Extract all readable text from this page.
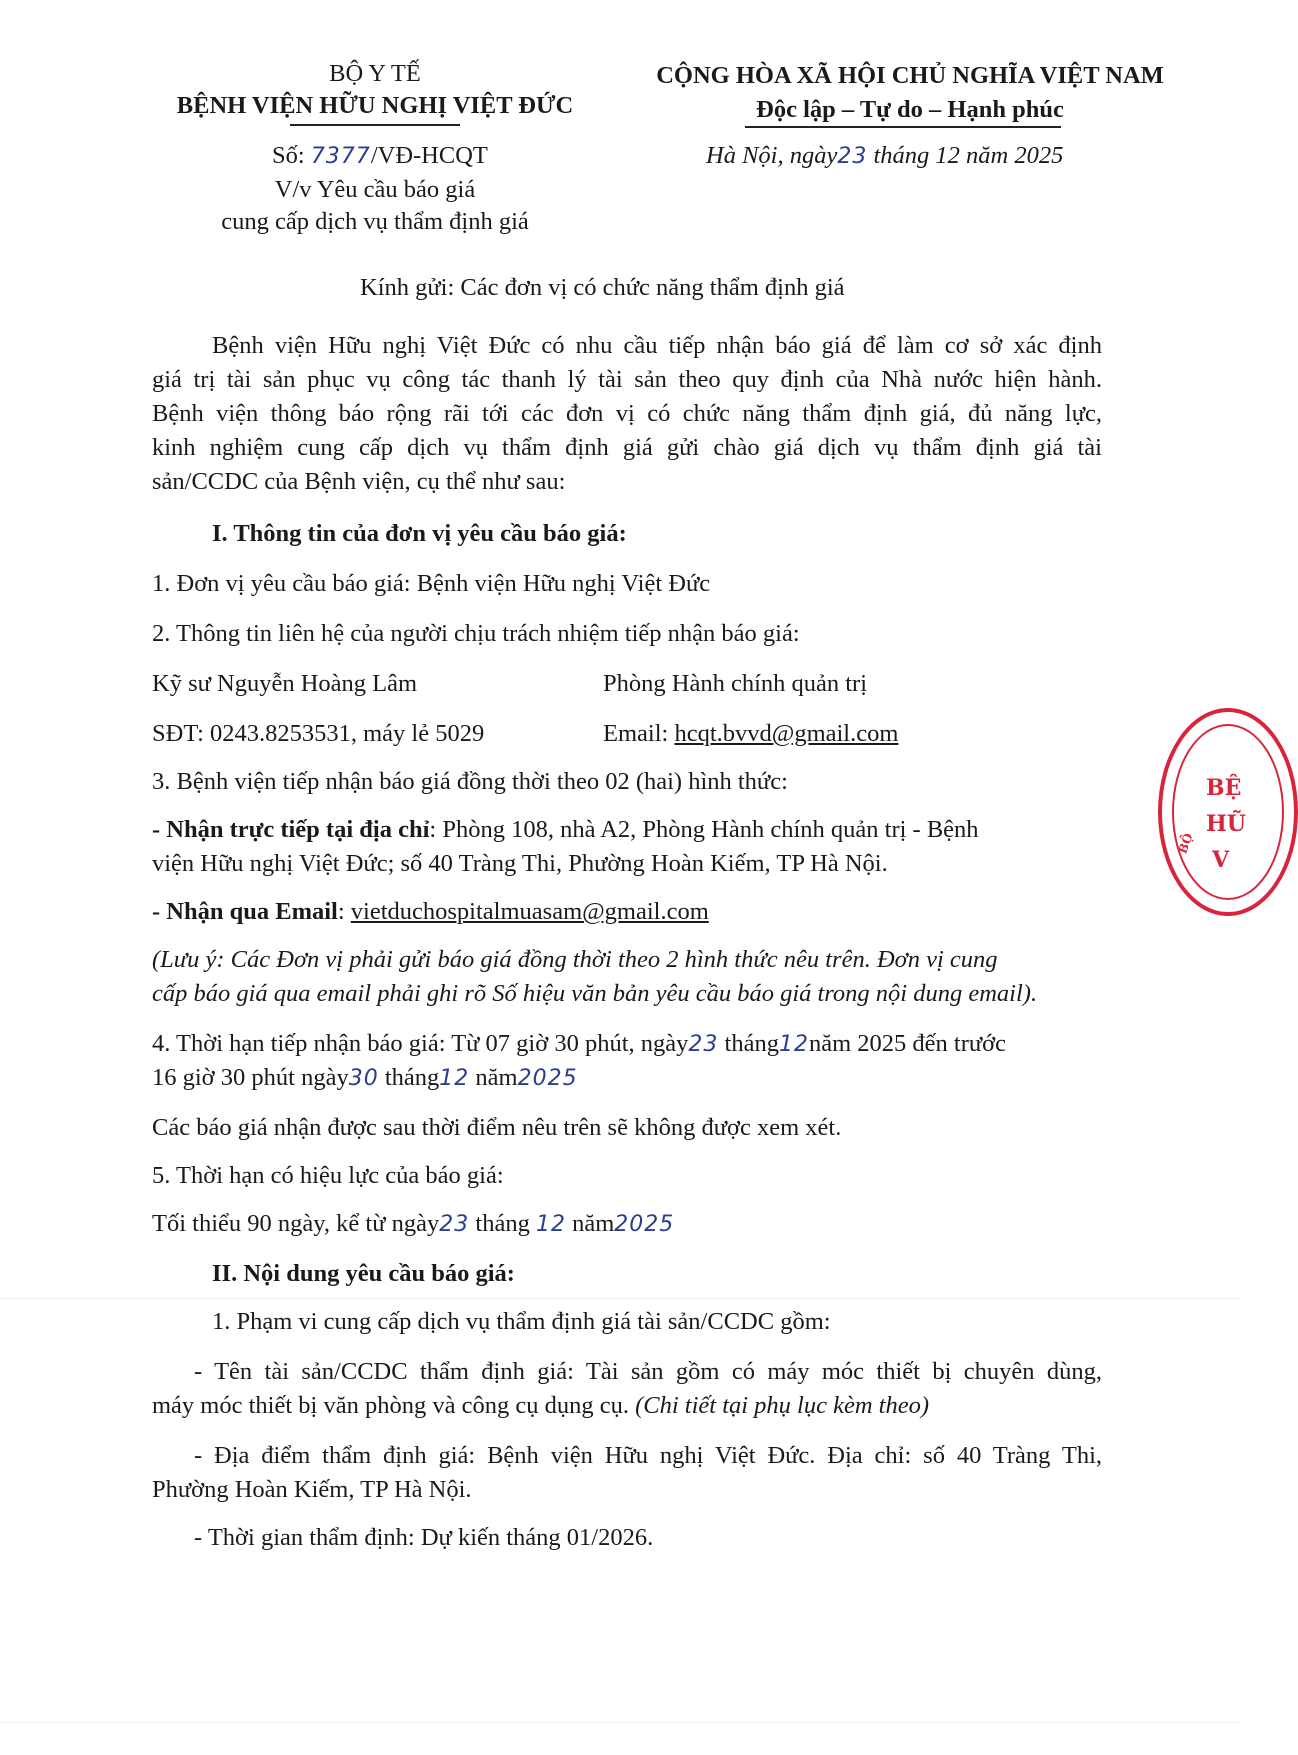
BỘ Y TẾ
BỆNH VIỆN HỮU NGHỊ VIỆT ĐỨC
Số: 7377/VĐ-HCQT
V/v Yêu cầu báo giá
cung cấp dịch vụ thẩm định giá
CỘNG HÒA XÃ HỘI CHỦ NGHĨA VIỆT NAM
Độc lập – Tự do – Hạnh phúc
Hà Nội, ngày23 tháng 12 năm 2025
Kính gửi: Các đơn vị có chức năng thẩm định giá
Bệnh viện Hữu nghị Việt Đức có nhu cầu tiếp nhận báo giá để làm cơ sở xác định
giá trị tài sản phục vụ công tác thanh lý tài sản theo quy định của Nhà nước hiện hành.
Bệnh viện thông báo rộng rãi tới các đơn vị có chức năng thẩm định giá, đủ năng lực,
kinh nghiệm cung cấp dịch vụ thẩm định giá gửi chào giá dịch vụ thẩm định giá tài
sản/CCDC của Bệnh viện, cụ thể như sau:
I. Thông tin của đơn vị yêu cầu báo giá:
1. Đơn vị yêu cầu báo giá: Bệnh viện Hữu nghị Việt Đức
2. Thông tin liên hệ của người chịu trách nhiệm tiếp nhận báo giá:
Kỹ sư Nguyễn Hoàng Lâm	Phòng Hành chính quản trị
SĐT: 0243.8253531, máy lẻ 5029	Email: hcqt.bvvd@gmail.com
3. Bệnh viện tiếp nhận báo giá đồng thời theo 02 (hai) hình thức:
- Nhận trực tiếp tại địa chỉ: Phòng 108, nhà A2, Phòng Hành chính quản trị - Bệnh
viện Hữu nghị Việt Đức; số 40 Tràng Thi, Phường Hoàn Kiếm, TP Hà Nội.
- Nhận qua Email: vietduchospitalmuasam@gmail.com
(Lưu ý: Các Đơn vị phải gửi báo giá đồng thời theo 2 hình thức nêu trên. Đơn vị cung
cấp báo giá qua email phải ghi rõ Số hiệu văn bản yêu cầu báo giá trong nội dung email).
4. Thời hạn tiếp nhận báo giá: Từ 07 giờ 30 phút, ngày23 tháng12năm 2025 đến trước
16 giờ 30 phút ngày30 tháng12 năm2025
Các báo giá nhận được sau thời điểm nêu trên sẽ không được xem xét.
5. Thời hạn có hiệu lực của báo giá:
Tối thiểu 90 ngày, kể từ ngày23 tháng 12 năm2025
II. Nội dung yêu cầu báo giá:
1. Phạm vi cung cấp dịch vụ thẩm định giá tài sản/CCDC gồm:
- Tên tài sản/CCDC thẩm định giá: Tài sản gồm có máy móc thiết bị chuyên dùng,
máy móc thiết bị văn phòng và công cụ dụng cụ. (Chi tiết tại phụ lục kèm theo)
- Địa điểm thẩm định giá: Bệnh viện Hữu nghị Việt Đức. Địa chỉ: số 40 Tràng Thi,
Phường Hoàn Kiếm, TP Hà Nội.
- Thời gian thẩm định: Dự kiến tháng 01/2026.
BỆ
HŨ
V
BỘ
